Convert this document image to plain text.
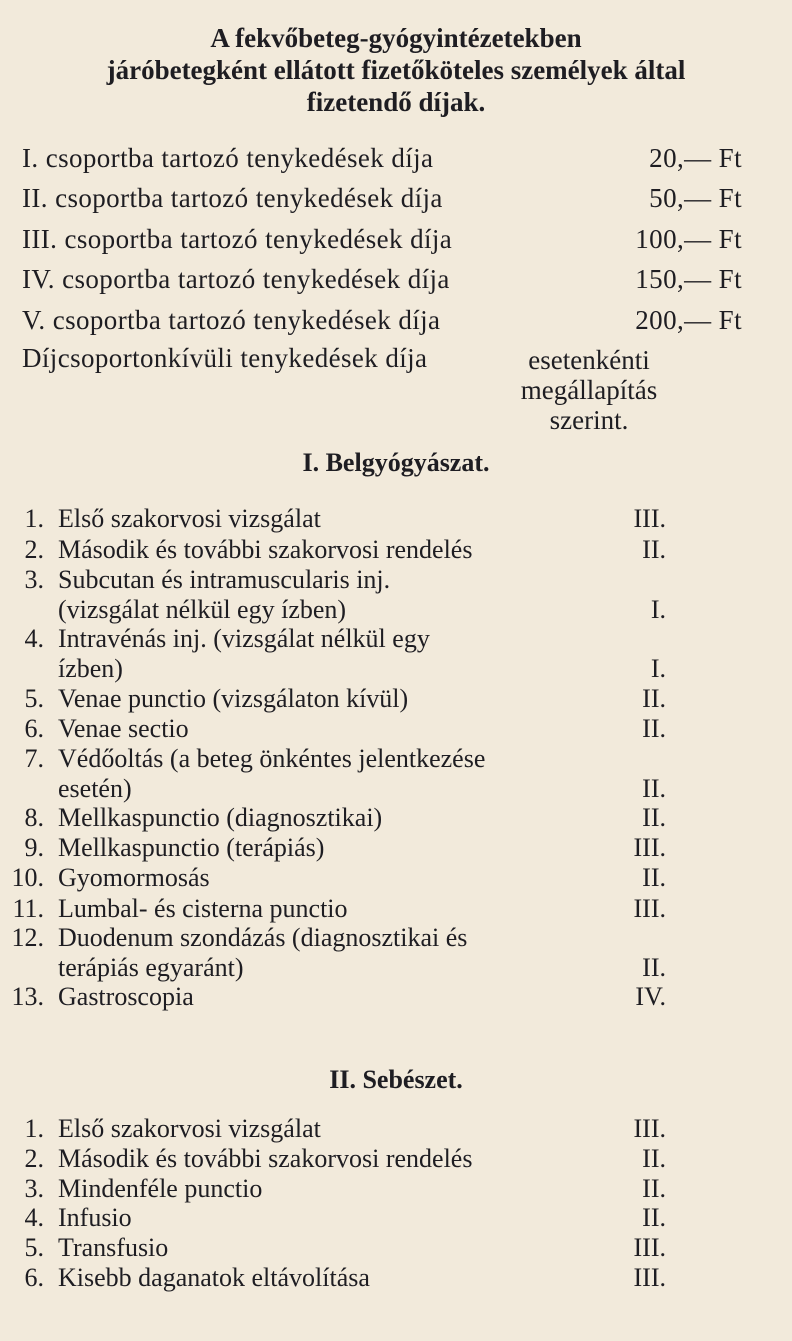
A fekvőbeteg-gyógyintézetekben
járóbetegként ellátott fizetőköteles személyek által
fizetendő díjak.
I. csoportba tartozó tenykedések díja	20,— Ft
II. csoportba tartozó tenykedések díja	50,— Ft
III. csoportba tartozó tenykedések díja	100,— Ft
IV. csoportba tartozó tenykedések díja	150,— Ft
V. csoportba tartozó tenykedések díja	200,— Ft
Díjcsoportonkívüli tenykedések díja	esetenkénti
megállapítás
szerint.
I. Belgyógyászat.
1. Első szakorvosi vizsgálat	III.
2. Második és további szakorvosi rendelés	II.
3. Subcutan és intramuscularis inj.
(vizsgálat nélkül egy ízben)	I.
4. Intravénás inj. (vizsgálat nélkül egy
ízben)	I.
5. Venae punctio (vizsgálaton kívül)	II.
6. Venae sectio	II.
7. Védőoltás (a beteg önkéntes jelentkezése
esetén)	II.
8. Mellkaspunctio (diagnosztikai)	II.
9. Mellkaspunctio (terápiás)	III.
10. Gyomormosás	II.
11. Lumbal- és cisterna punctio	III.
12. Duodenum szondázás (diagnosztikai és
terápiás egyaránt)	II.
13. Gastroscopia	IV.
II. Sebészet.
1. Első szakorvosi vizsgálat	III.
2. Második és további szakorvosi rendelés	II.
3. Mindenféle punctio	II.
4. Infusio	II.
5. Transfusio	III.
6. Kisebb daganatok eltávolítása	III.
